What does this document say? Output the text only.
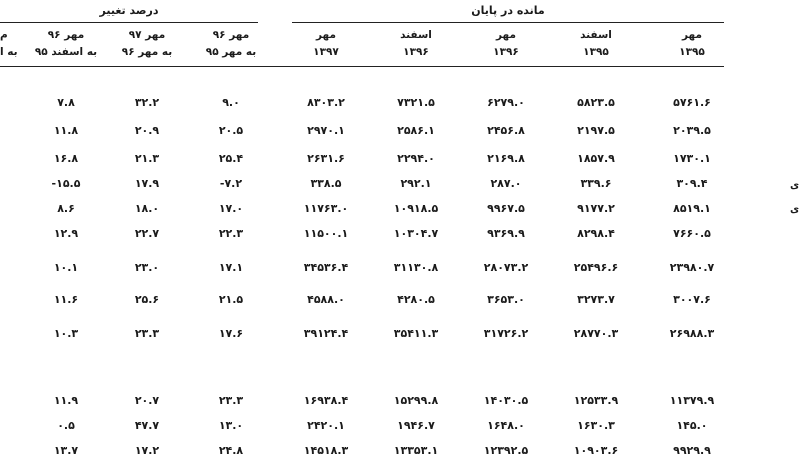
درصد تغییر	مانده در پایان
مهر
۱۳۹۵
اسفند
۱۳۹۵
مهر
۱۳۹۶
اسفند
۱۳۹۶
مهر
۱۳۹۷
مهر ۹۶
به مهر ۹۵
مهر ۹۷
به مهر ۹۶
مهر ۹۶
به اسفند ۹۵
م
به ا
ی
ی
۵۷۶۱.۶
۵۸۲۳.۵
۶۲۷۹.۰
۷۳۲۱.۵
۸۳۰۳.۲
۹.۰
۳۲.۲
۷.۸
۲۰۳۹.۵
۲۱۹۷.۵
۲۴۵۶.۸
۲۵۸۶.۱
۲۹۷۰.۱
۲۰.۵
۲۰.۹
۱۱.۸
۱۷۳۰.۱
۱۸۵۷.۹
۲۱۶۹.۸
۲۲۹۴.۰
۲۶۳۱.۶
۲۵.۴
۲۱.۳
۱۶.۸
۳۰۹.۴
۳۳۹.۶
۲۸۷.۰
۲۹۲.۱
۳۳۸.۵
-۷.۲
۱۷.۹
-۱۵.۵
۸۵۱۹.۱
۹۱۷۷.۲
۹۹۶۷.۵
۱۰۹۱۸.۵
۱۱۷۶۳.۰
۱۷.۰
۱۸.۰
۸.۶
۷۶۶۰.۵
۸۲۹۸.۴
۹۳۶۹.۹
۱۰۳۰۴.۷
۱۱۵۰۰.۱
۲۲.۳
۲۲.۷
۱۲.۹
۲۳۹۸۰.۷
۲۵۴۹۶.۶
۲۸۰۷۳.۲
۳۱۱۳۰.۸
۳۴۵۳۶.۴
۱۷.۱
۲۳.۰
۱۰.۱
۳۰۰۷.۶
۳۲۷۳.۷
۳۶۵۳.۰
۴۲۸۰.۵
۴۵۸۸.۰
۲۱.۵
۲۵.۶
۱۱.۶
۲۶۹۸۸.۳
۲۸۷۷۰.۳
۳۱۷۲۶.۲
۳۵۴۱۱.۳
۳۹۱۲۴.۴
۱۷.۶
۲۳.۳
۱۰.۳
۱۱۳۷۹.۹
۱۲۵۳۳.۹
۱۴۰۳۰.۵
۱۵۲۹۹.۸
۱۶۹۳۸.۴
۲۳.۳
۲۰.۷
۱۱.۹
۱۴۵.۰
۱۶۳۰.۳
۱۶۴۸.۰
۱۹۴۶.۷
۲۴۲۰.۱
۱۳.۰
۴۷.۷
۰.۵
۹۹۲۹.۹
۱۰۹۰۳.۶
۱۲۳۹۲.۵
۱۳۳۵۳.۱
۱۴۵۱۸.۳
۲۴.۸
۱۷.۲
۱۳.۷
